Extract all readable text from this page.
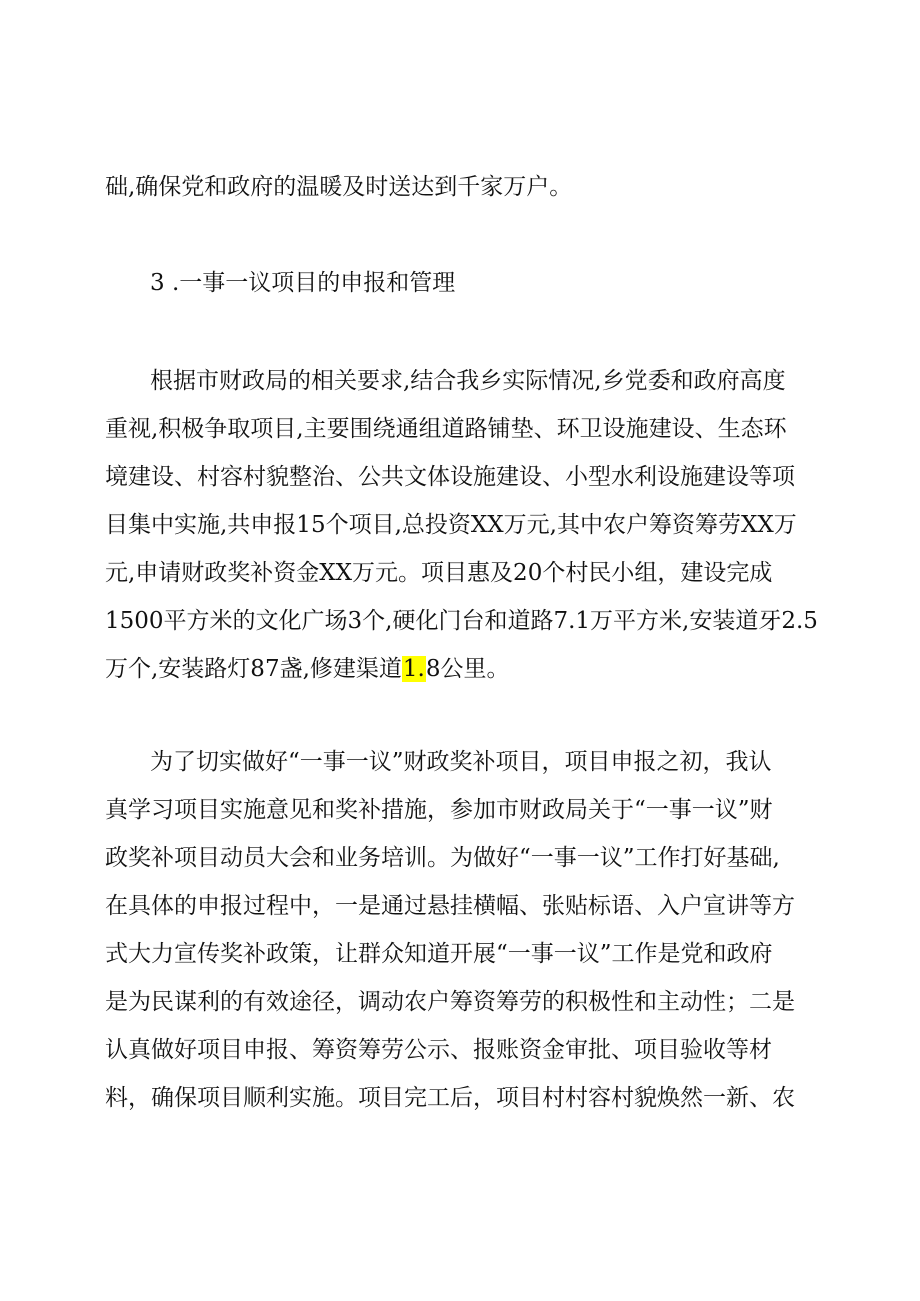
础,确保党和政府的温暖及时送达到千家万户。
3 .一事一议项目的申报和管理
根据市财政局的相关要求,结合我乡实际情况,乡党委和政府高度
重视,积极争取项目,主要围绕通组道路铺垫、环卫设施建设、生态环
境建设、村容村貌整治、公共文体设施建设、小型水利设施建设等项
目集中实施,共申报15个项目,总投资XX万元,其中农户筹资筹劳XX万
元,申请财政奖补资金XX万元。项目惠及20个村民小组，建设完成
1500平方米的文化广场3个,硬化门台和道路7.1万平方米,安装道牙2.5
万个,安装路灯87盏,修建渠道1.8公里。
为了切实做好“一事一议”财政奖补项目，项目申报之初，我认
真学习项目实施意见和奖补措施，参加市财政局关于“一事一议”财
政奖补项目动员大会和业务培训。为做好“一事一议”工作打好基础,
在具体的申报过程中，一是通过悬挂横幅、张贴标语、入户宣讲等方
式大力宣传奖补政策，让群众知道开展“一事一议”工作是党和政府
是为民谋利的有效途径，调动农户筹资筹劳的积极性和主动性；二是
认真做好项目申报、筹资筹劳公示、报账资金审批、项目验收等材
料，确保项目顺利实施。项目完工后，项目村村容村貌焕然一新、农
